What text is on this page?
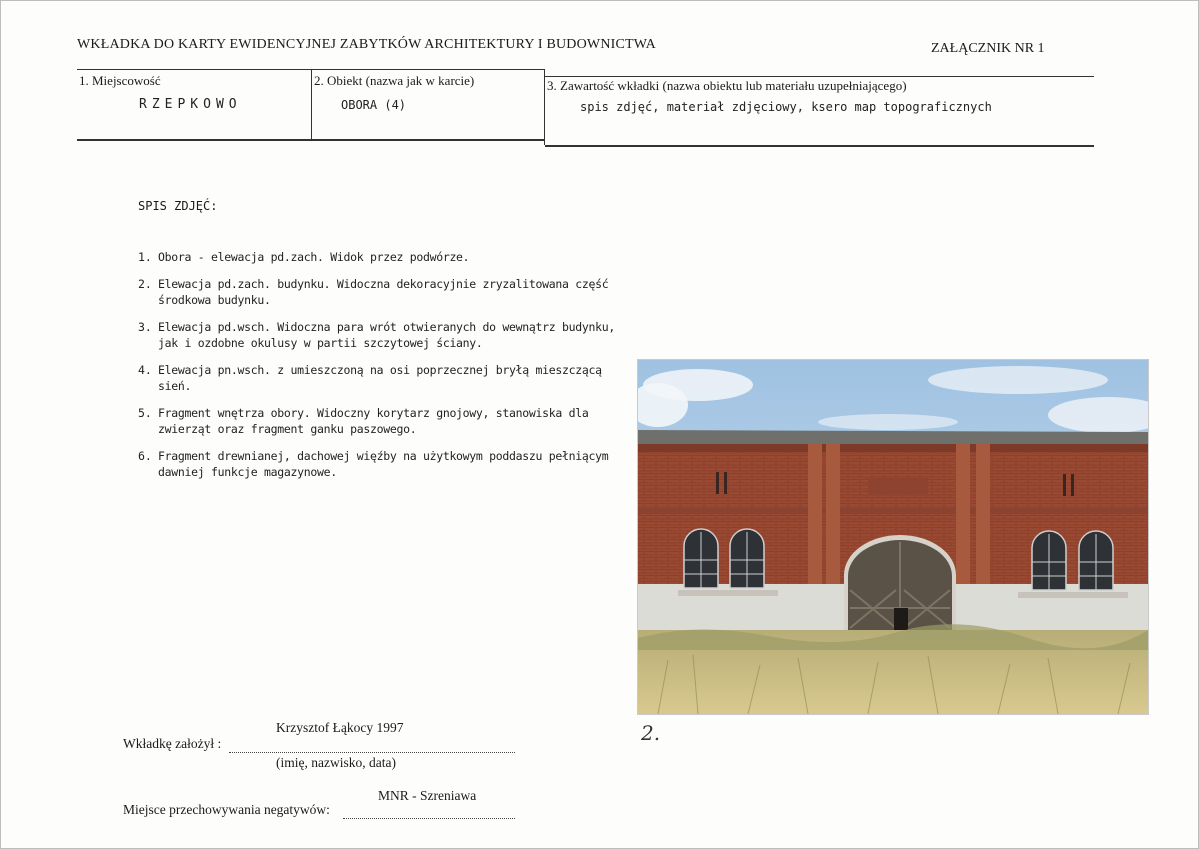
WKŁADKA DO KARTY EWIDENCYJNEJ ZABYTKÓW ARCHITEKTURY I BUDOWNICTWA	ZAŁĄCZNIK NR 1
1. Miejscowość
RZEPKOWO
2. Obiekt (nazwa jak w karcie)
OBORA (4)
3. Zawartość wkładki (nazwa obiektu lub materiału uzupełniającego)
spis zdjęć, materiał zdjęciowy, ksero map topograficznych
SPIS ZDJĘĆ:
1. Obora - elewacja pd.zach. Widok przez podwórze.
2. Elewacja pd.zach. budynku. Widoczna dekoracyjnie zryzalitowana część środkowa budynku.
3. Elewacja pd.wsch. Widoczna para wrót otwieranych do wewnątrz budynku, jak i ozdobne okulusy w partii szczytowej ściany.
4. Elewacja pn.wsch. z umieszczoną na osi poprzecznej bryłą mieszczącą sień.
5. Fragment wnętrza obory. Widoczny korytarz gnojowy, stanowiska dla zwierząt oraz fragment ganku paszowego.
6. Fragment drewnianej, dachowej więźby na użytkowym poddaszu pełniącym dawniej funkcje magazynowe.
2.
Krzysztof Łąkocy 1997
Wkładkę założył :
(imię, nazwisko, data)
MNR - Szreniawa
Miejsce przechowywania negatywów:
